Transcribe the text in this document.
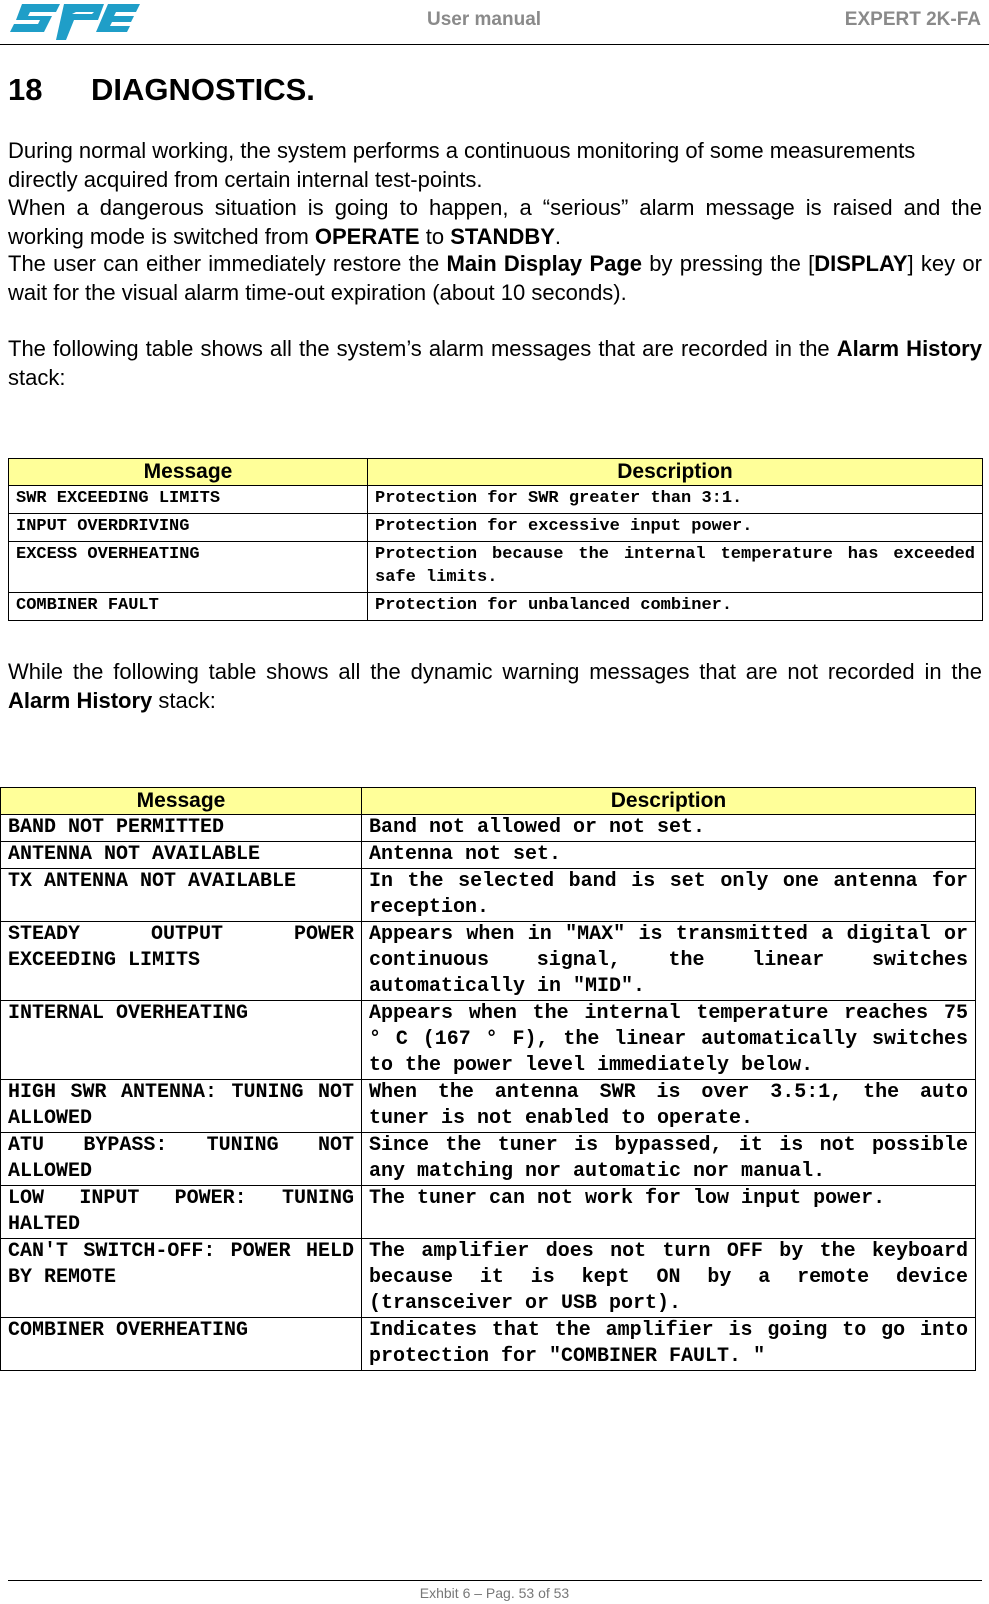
User manual	EXPERT 2K-FA
18 DIAGNOSTICS.
During normal working, the system performs a continuous monitoring of some measurements directly acquired from certain internal test-points.
When a dangerous situation is going to happen, a “serious” alarm message is raised and the working mode is switched from OPERATE to STANDBY.
The user can either immediately restore the Main Display Page by pressing the [DISPLAY] key or wait for the visual alarm time-out expiration (about 10 seconds).
The following table shows all the system’s alarm messages that are recorded in the Alarm History stack:
Message	Description
SWR EXCEEDING LIMITS	Protection for SWR greater than 3:1.
INPUT OVERDRIVING	Protection for excessive input power.
EXCESS OVERHEATING	Protection because the internal temperature has exceeded safe limits.
COMBINER FAULT	Protection for unbalanced combiner.
While the following table shows all the dynamic warning messages that are not recorded in the Alarm History stack:
Message	Description
BAND NOT PERMITTED	Band not allowed or not set.
ANTENNA NOT AVAILABLE	Antenna not set.
TX ANTENNA NOT AVAILABLE	In the selected band is set only one antenna for reception.
STEADY OUTPUT POWER EXCEEDING LIMITS	Appears when in "MAX" is transmitted a digital or continuous signal, the linear switches automatically in "MID".
INTERNAL OVERHEATING	Appears when the internal temperature reaches 75 ° C (167 ° F), the linear automatically switches to the power level immediately below.
HIGH SWR ANTENNA: TUNING NOT ALLOWED	When the antenna SWR is over 3.5:1, the auto tuner is not enabled to operate.
ATU BYPASS: TUNING NOT ALLOWED	Since the tuner is bypassed, it is not possible any matching nor automatic nor manual.
LOW INPUT POWER: TUNING HALTED	The tuner can not work for low input power.
CAN'T SWITCH-OFF: POWER HELD BY REMOTE	The amplifier does not turn OFF by the keyboard because it is kept ON by a remote device (transceiver or USB port).
COMBINER OVERHEATING	Indicates that the amplifier is going to go into protection for "COMBINER FAULT. "
Exhbit 6 – Pag. 53 of 53
